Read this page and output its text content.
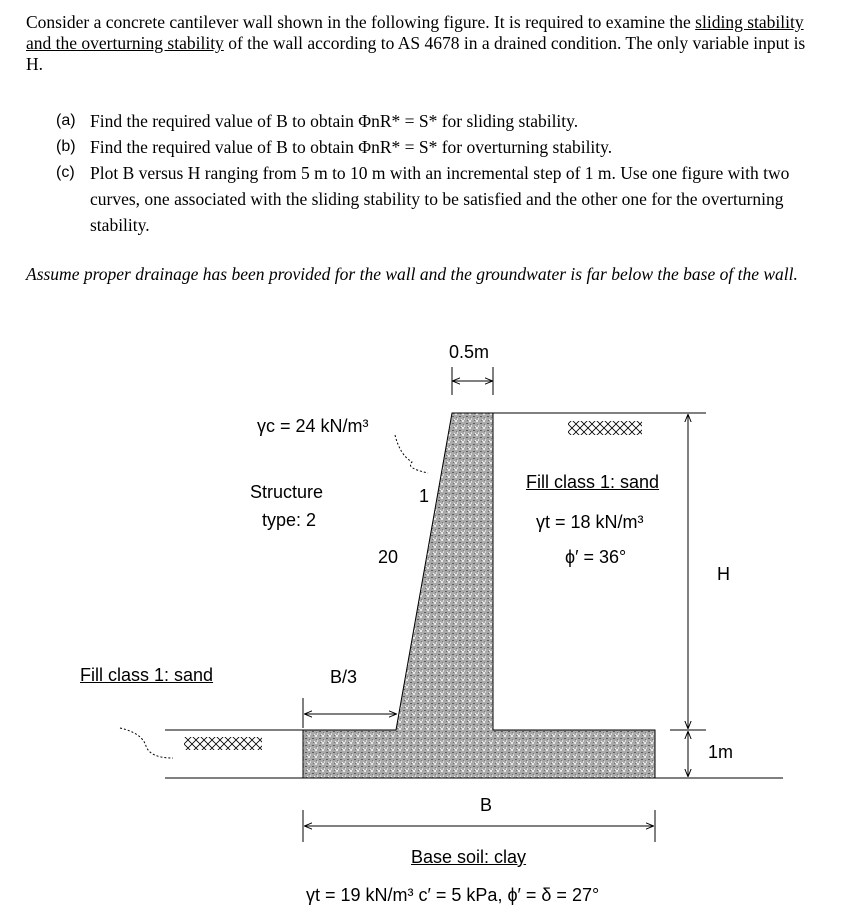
Consider a concrete cantilever wall shown in the following figure. It is required to examine the sliding stability and the overturning stability of the wall according to AS 4678 in a drained condition. The only variable input is H.
(a) Find the required value of B to obtain ΦnR* = S* for sliding stability.
(b) Find the required value of B to obtain ΦnR* = S* for overturning stability.
(c) Plot B versus H ranging from 5 m to 10 m with an incremental step of 1 m. Use one figure with two curves, one associated with the sliding stability to be satisfied and the other one for the overturning stability.
Assume proper drainage has been provided for the wall and the groundwater is far below the base of the wall.
0.5m
γc = 24 kN/m³
Structure
type: 2
1
20
Fill class 1: sand
γt = 18 kN/m³
ϕ′ = 36°
H
Fill class 1: sand	B/3
1m
B
Base soil: clay
γt = 19 kN/m³ c′ = 5 kPa, ϕ′ = δ = 27°
